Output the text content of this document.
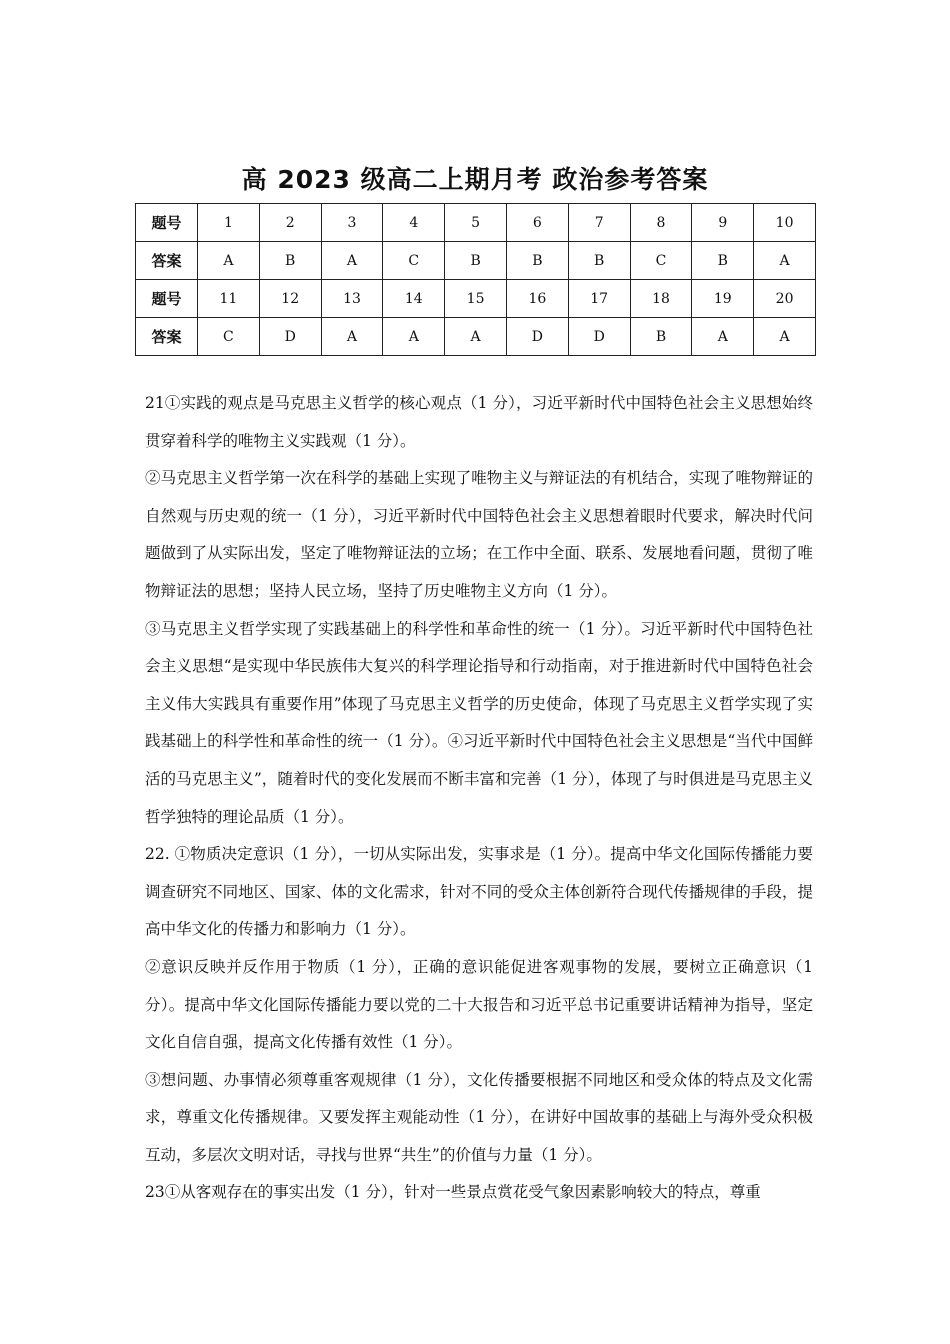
高 2023 级高二上期月考 政治参考答案
题号	1	2	3	4	5	6	7	8	9	10
答案	A	B	A	C	B	B	B	C	B	A
题号	11	12	13	14	15	16	17	18	19	20
答案	C	D	A	A	A	D	D	B	A	A

21①实践的观点是马克思主义哲学的核心观点（1 分），习近平新时代中国特色社会主义思想始终贯穿着科学的唯物主义实践观（1 分）。

②马克思主义哲学第一次在科学的基础上实现了唯物主义与辩证法的有机结合，实现了唯物辩证的自然观与历史观的统一（1 分），习近平新时代中国特色社会主义思想着眼时代要求，解决时代问题做到了从实际出发，坚定了唯物辩证法的立场；在工作中全面、联系、发展地看问题，贯彻了唯物辩证法的思想；坚持人民立场，坚持了历史唯物主义方向（1 分）。

③马克思主义哲学实现了实践基础上的科学性和革命性的统一（1 分）。习近平新时代中国特色社会主义思想“是实现中华民族伟大复兴的科学理论指导和行动指南，对于推进新时代中国特色社会主义伟大实践具有重要作用”体现了马克思主义哲学的历史使命，体现了马克思主义哲学实现了实践基础上的科学性和革命性的统一（1 分）。④习近平新时代中国特色社会主义思想是“当代中国鲜活的马克思主义”，随着时代的变化发展而不断丰富和完善（1 分），体现了与时俱进是马克思主义哲学独特的理论品质（1 分）。

22. ①物质决定意识（1 分），一切从实际出发，实事求是（1 分）。提高中华文化国际传播能力要调查研究不同地区、国家、体的文化需求，针对不同的受众主体创新符合现代传播规律的手段，提高中华文化的传播力和影响力（1 分）。

②意识反映并反作用于物质（1 分），正确的意识能促进客观事物的发展，要树立正确意识（1 分）。提高中华文化国际传播能力要以党的二十大报告和习近平总书记重要讲话精神为指导，坚定文化自信自强，提高文化传播有效性（1 分）。

③想问题、办事情必须尊重客观规律（1 分），文化传播要根据不同地区和受众体的特点及文化需求，尊重文化传播规律。又要发挥主观能动性（1 分），在讲好中国故事的基础上与海外受众积极互动，多层次文明对话，寻找与世界“共生”的价值与力量（1 分）。

23①从客观存在的事实出发（1 分），针对一些景点赏花受气象因素影响较大的特点，尊重
